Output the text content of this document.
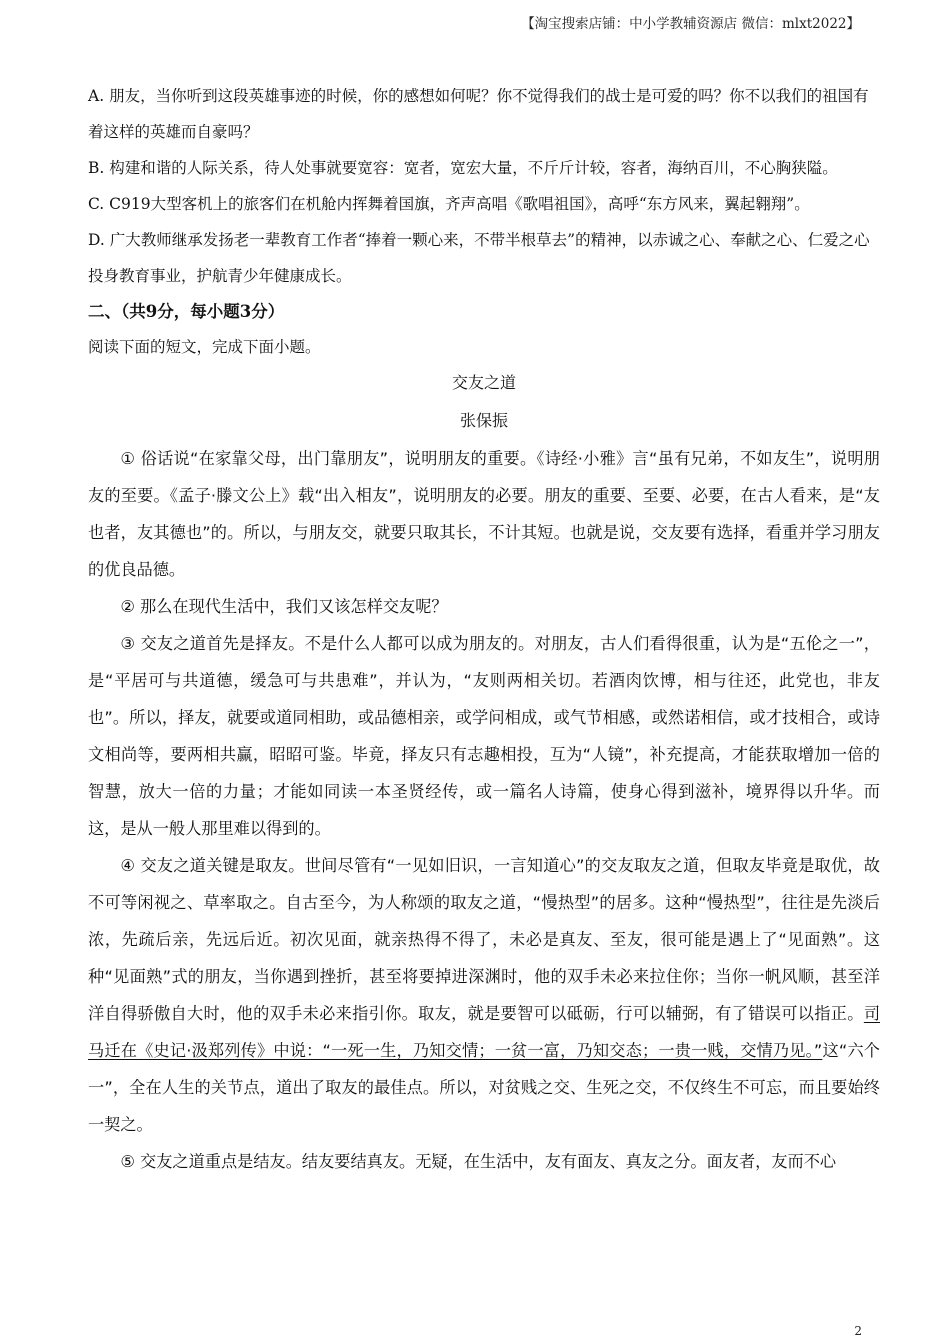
【淘宝搜索店铺：中小学教辅资源店 微信：mlxt2022】

A. 朋友，当你听到这段英雄事迹的时候，你的感想如何呢？你不觉得我们的战士是可爱的吗？你不以我们的祖国有着这样的英雄而自豪吗？

B. 构建和谐的人际关系，待人处事就要宽容：宽者，宽宏大量，不斤斤计较，容者，海纳百川，不心胸狭隘。

C. C919大型客机上的旅客们在机舱内挥舞着国旗，齐声高唱《歌唱祖国》，高呼“东方风来，翼起翱翔”。

D. 广大教师继承发扬老一辈教育工作者“捧着一颗心来，不带半根草去”的精神，以赤诚之心、奉献之心、仁爱之心投身教育事业，护航青少年健康成长。

二、（共9分，每小题3分）

阅读下面的短文，完成下面小题。

交友之道

张保振

① 俗话说“在家靠父母，出门靠朋友”，说明朋友的重要。《诗经·小雅》言“虽有兄弟，不如友生”，说明朋友的至要。《孟子·滕文公上》载“出入相友”，说明朋友的必要。朋友的重要、至要、必要，在古人看来，是“友也者，友其德也”的。所以，与朋友交，就要只取其长，不计其短。也就是说，交友要有选择，看重并学习朋友的优良品德。

② 那么在现代生活中，我们又该怎样交友呢？

③ 交友之道首先是择友。不是什么人都可以成为朋友的。对朋友，古人们看得很重，认为是“五伦之一”，是“平居可与共道德，缓急可与共患难”，并认为，“友则两相关切。若酒肉饮博，相与往还，此党也，非友也”。所以，择友，就要或道同相助，或品德相亲，或学问相成，或气节相感，或然诺相信，或才技相合，或诗文相尚等，要两相共赢，昭昭可鉴。毕竟，择友只有志趣相投，互为“人镜”，补充提高，才能获取增加一倍的智慧，放大一倍的力量；才能如同读一本圣贤经传，或一篇名人诗篇，使身心得到滋补，境界得以升华。而这，是从一般人那里难以得到的。

④ 交友之道关键是取友。世间尽管有“一见如旧识，一言知道心”的交友取友之道，但取友毕竟是取优，故不可等闲视之、草率取之。自古至今，为人称颂的取友之道，“慢热型”的居多。这种“慢热型”，往往是先淡后浓，先疏后亲，先远后近。初次见面，就亲热得不得了，未必是真友、至友，很可能是遇上了“见面熟”。这种“见面熟”式的朋友，当你遇到挫折，甚至将要掉进深渊时，他的双手未必来拉住你；当你一帆风顺，甚至洋洋自得骄傲自大时，他的双手未必来指引你。取友，就是要智可以砥砺，行可以辅弼，有了错误可以指正。司马迁在《史记·汲郑列传》中说：“一死一生，乃知交情；一贫一富，乃知交态；一贵一贱，交情乃见。”这“六个一”，全在人生的关节点，道出了取友的最佳点。所以，对贫贱之交、生死之交，不仅终生不可忘，而且要始终一契之。

⑤ 交友之道重点是结友。结友要结真友。无疑，在生活中，友有面友、真友之分。面友者，友而不心

2
